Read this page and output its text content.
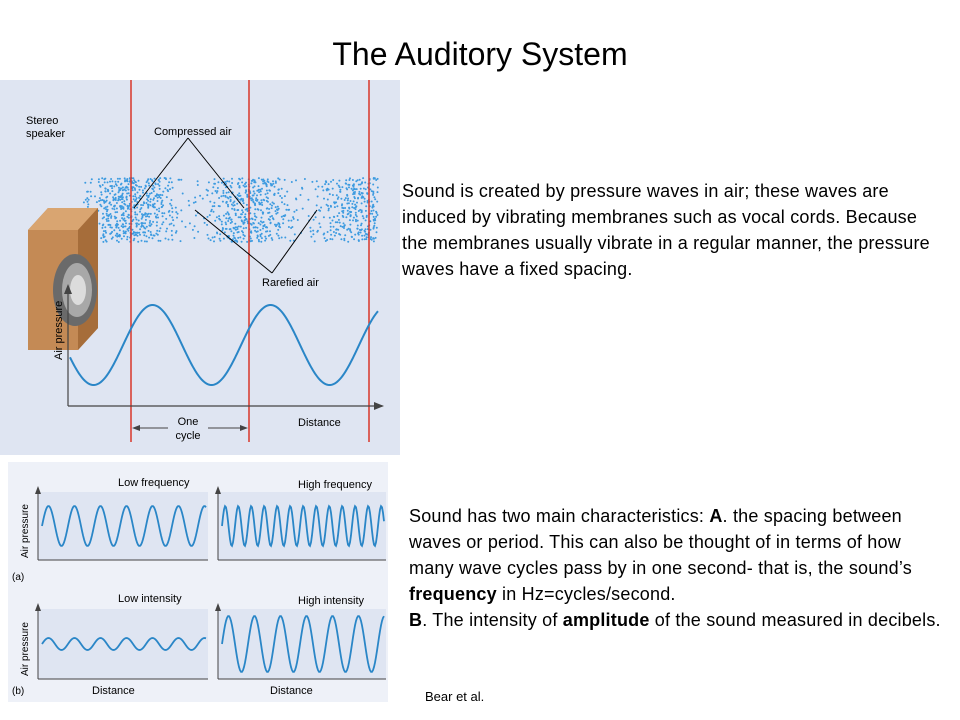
The Auditory System
Stereo
speaker	Compressed air
Rarefied air
Air pressure
One
cycle
Distance
Sound is created by pressure waves in air; these waves are induced by vibrating membranes such as vocal cords. Because the membranes usually vibrate in a regular manner, the pressure waves have a fixed spacing.
Low frequency	High frequency
Low intensity	High intensity
Air pressure
Air pressure
(a)
(b)	Distance	Distance
Sound has two main characteristics: A. the spacing between waves or period. This can also be thought of in terms of how many wave cycles pass by in one second- that is, the sound’s frequency in Hz=cycles/second.
B. The intensity of amplitude of the sound measured in decibels.
Bear et al.
